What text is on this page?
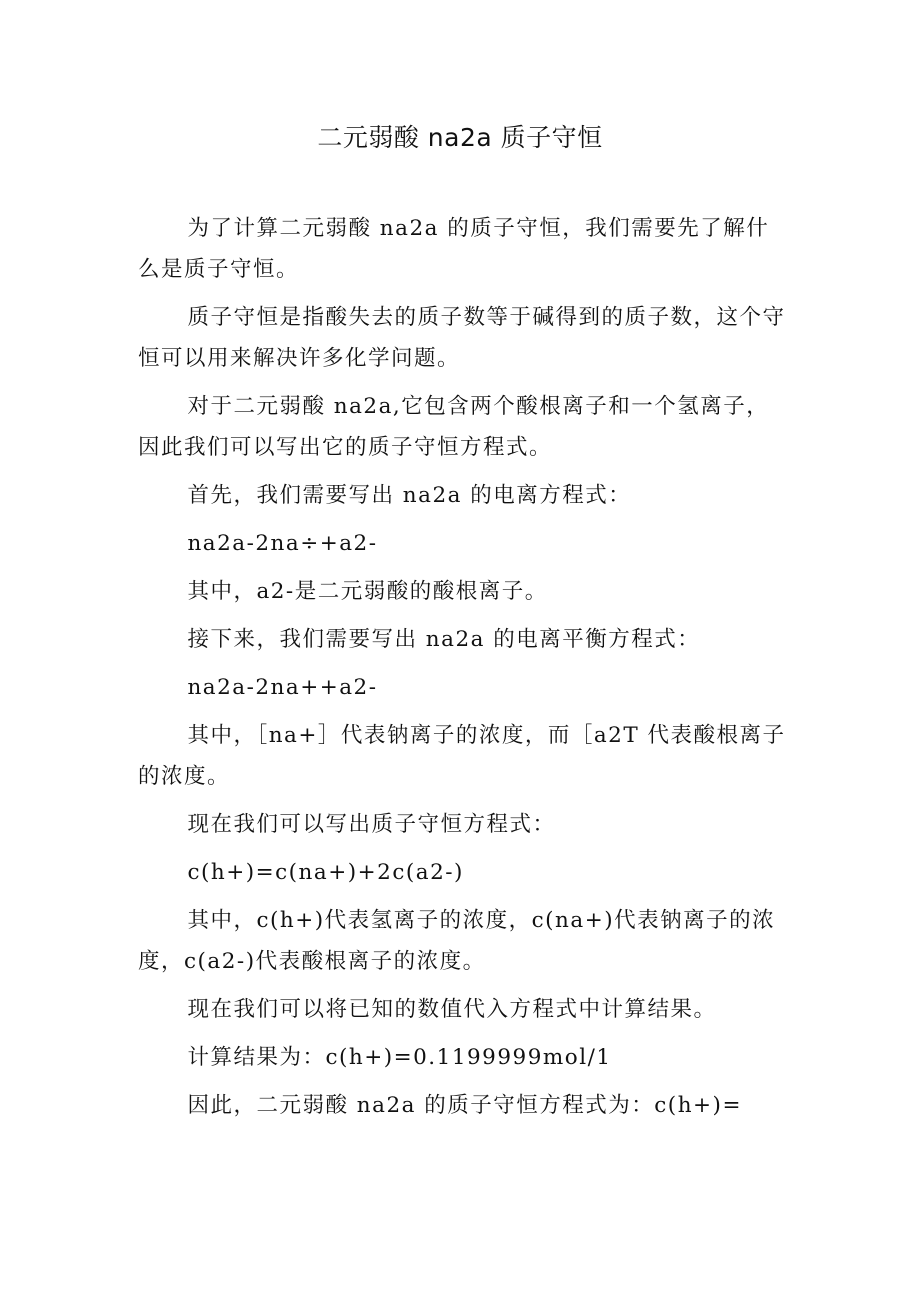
二元弱酸 na2a 质子守恒

为了计算二元弱酸 na2a 的质子守恒，我们需要先了解什么是质子守恒。

质子守恒是指酸失去的质子数等于碱得到的质子数，这个守恒可以用来解决许多化学问题。

对于二元弱酸 na2a,它包含两个酸根离子和一个氢离子，因此我们可以写出它的质子守恒方程式。

首先，我们需要写出 na2a 的电离方程式：

na2a-2na÷+a2-

其中，a2-是二元弱酸的酸根离子。

接下来，我们需要写出 na2a 的电离平衡方程式：

na2a-2na++a2-

其中，［na+］代表钠离子的浓度，而［a2T 代表酸根离子的浓度。

现在我们可以写出质子守恒方程式：

c(h+)=c(na+)+2c(a2-)

其中，c(h+)代表氢离子的浓度，c(na+)代表钠离子的浓度，c(a2-)代表酸根离子的浓度。

现在我们可以将已知的数值代入方程式中计算结果。

计算结果为：c(h+)=0.1199999mol/1

因此，二元弱酸 na2a 的质子守恒方程式为：c(h+)=
